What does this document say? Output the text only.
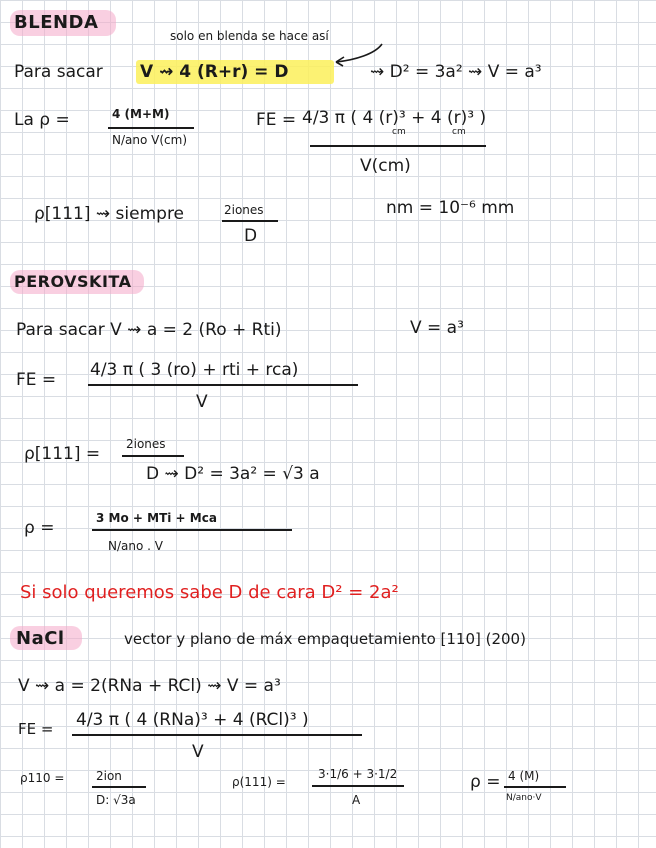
BLENDA
solo en blenda se hace así
Para sacar V ⇝ 4 (R+r) = D	⇝ D² = 3a² ⇝ V = a³
La ρ =	4 (M+M)
N/ano V(cm)
FE = 4/3 π ( 4 (r)³ + 4 (r)³ )
cm	cm
V(cm)
ρ[111] ⇝ siempre	2iones
D
nm = 10⁻⁶ mm
PEROVSKITA
Para sacar V ⇝ a = 2 (Ro + Rti)	V = a³
FE = 4/3 π ( 3 (ro) + rti + rca)
V
ρ[111] = 2iones
D ⇝ D² = 3a² = √3 a
ρ =	3 Mo + MTi + Mca
N/ano . V
Si solo queremos sabe D de cara D² = 2a²
NaCl	vector y plano de máx empaquetamiento [110] (200)
V ⇝ a = 2(RNa + RCl) ⇝ V = a³
FE = 4/3 π ( 4 (RNa)³ + 4 (RCl)³ )
V
ρ110 =	2ion
D: √3a
ρ(111) =
3·1/6 + 3·1/2
A
ρ = 4 (M)
N/ano·V
